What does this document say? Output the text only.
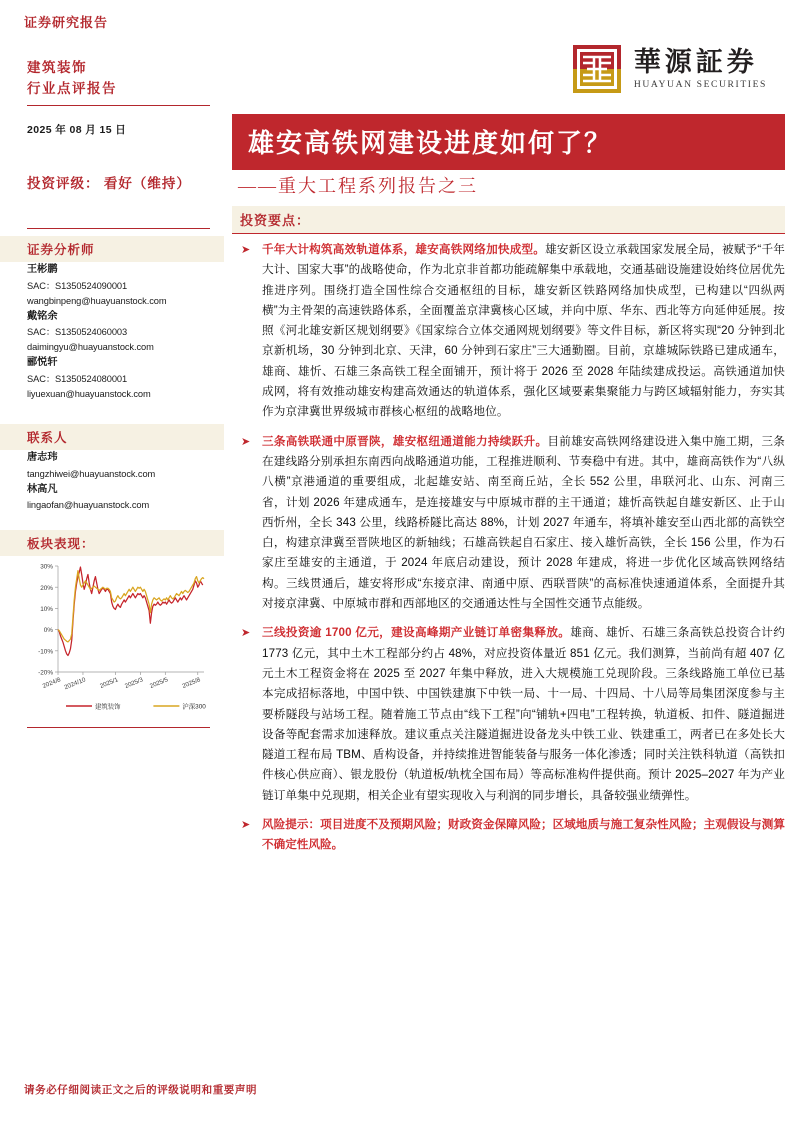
证券研究报告
建筑装饰
行业点评报告
2025 年 08 月 15 日
投资评级： 看好（维持）
证券分析师
王彬鹏
SAC：S1350524090001
wangbinpeng@huayuanstock.com
戴铭余
SAC：S1350524060003
daimingyu@huayuanstock.com
郦悦轩
SAC：S1350524080001
liyuexuan@huayuanstock.com
联系人
唐志玮
tangzhiwei@huayuanstock.com
林高凡
lingaofan@huayuanstock.com
板块表现：
30%
20%
10%
0%
-10%
-20%
2024/8 2024/10 2025/1 2025/3 2025/5 2025/8
建筑装饰	沪深300
華源証券
HUAYUAN SECURITIES
雄安高铁网建设进度如何了？
——重大工程系列报告之三
投资要点：
➤	千年大计构筑高效轨道体系，雄安高铁网络加快成型。雄安新区设立承载国家发展全局，被赋予“千年大计、国家大事”的战略使命，作为北京非首都功能疏解集中承载地，交通基础设施建设始终位居优先推进序列。围绕打造全国性综合交通枢纽的目标，雄安新区铁路网络加快成型，已构建以“四纵两横”为主骨架的高速铁路体系，全面覆盖京津冀核心区域，并向中原、华东、西北等方向延伸延展。按照《河北雄安新区规划纲要》《国家综合立体交通网规划纲要》等文件目标，新区将实现“20 分钟到北京新机场，30 分钟到北京、天津，60 分钟到石家庄”三大通勤圈。目前，京雄城际铁路已建成通车，雄商、雄忻、石雄三条高铁工程全面铺开，预计将于 2026 至 2028 年陆续建成投运。高铁通道加快成网，将有效推动雄安构建高效通达的轨道体系，强化区域要素集聚能力与跨区域辐射能力，夯实其作为京津冀世界级城市群核心枢纽的战略地位。
➤	三条高铁联通中原晋陕，雄安枢纽通道能力持续跃升。目前雄安高铁网络建设进入集中施工期，三条在建线路分别承担东南西向战略通道功能，工程推进顺利、节奏稳中有进。其中，雄商高铁作为“八纵八横”京港通道的重要组成，北起雄安站、南至商丘站，全长 552 公里，串联河北、山东、河南三省，计划 2026 年建成通车，是连接雄安与中原城市群的主干通道；雄忻高铁起自雄安新区、止于山西忻州，全长 343 公里，线路桥隧比高达 88%，计划 2027 年通车，将填补雄安至山西北部的高铁空白，构建京津冀至晋陕地区的新轴线；石雄高铁起自石家庄、接入雄忻高铁，全长 156 公里，作为石家庄至雄安的主通道，于 2024 年底启动建设，预计 2028 年建成，将进一步优化区域高铁网络结构。三线贯通后，雄安将形成“东接京津、南通中原、西联晋陕”的高标准快速通道体系，全面提升其对接京津冀、中原城市群和西部地区的交通通达性与全国性交通节点能级。
➤	三线投资逾 1700 亿元，建设高峰期产业链订单密集释放。雄商、雄忻、石雄三条高铁总投资合计约 1773 亿元，其中土木工程部分约占 48%，对应投资体量近 851 亿元。我们测算，当前尚有超 407 亿元土木工程资金将在 2025 至 2027 年集中释放，进入大规模施工兑现阶段。三条线路施工单位已基本完成招标落地，中国中铁、中国铁建旗下中铁一局、十一局、十四局、十八局等局集团深度参与主要桥隧段与站场工程。随着施工节点由“线下工程”向“铺轨+四电”工程转换，轨道板、扣件、隧道掘进设备等配套需求加速释放。建议重点关注隧道掘进设备龙头中铁工业、铁建重工，两者已在多处长大隧道工程布局 TBM、盾构设备，并持续推进智能装备与服务一体化渗透；同时关注铁科轨道（高铁扣件核心供应商）、银龙股份（轨道板/轨枕全国布局）等高标准构件提供商。预计 2025–2027 年为产业链订单集中兑现期，相关企业有望实现收入与利润的同步增长，具备较强业绩弹性。
➤	风险提示：项目进度不及预期风险；财政资金保障风险；区域地质与施工复杂性风险；主观假设与测算不确定性风险。
请务必仔细阅读正文之后的评级说明和重要声明
